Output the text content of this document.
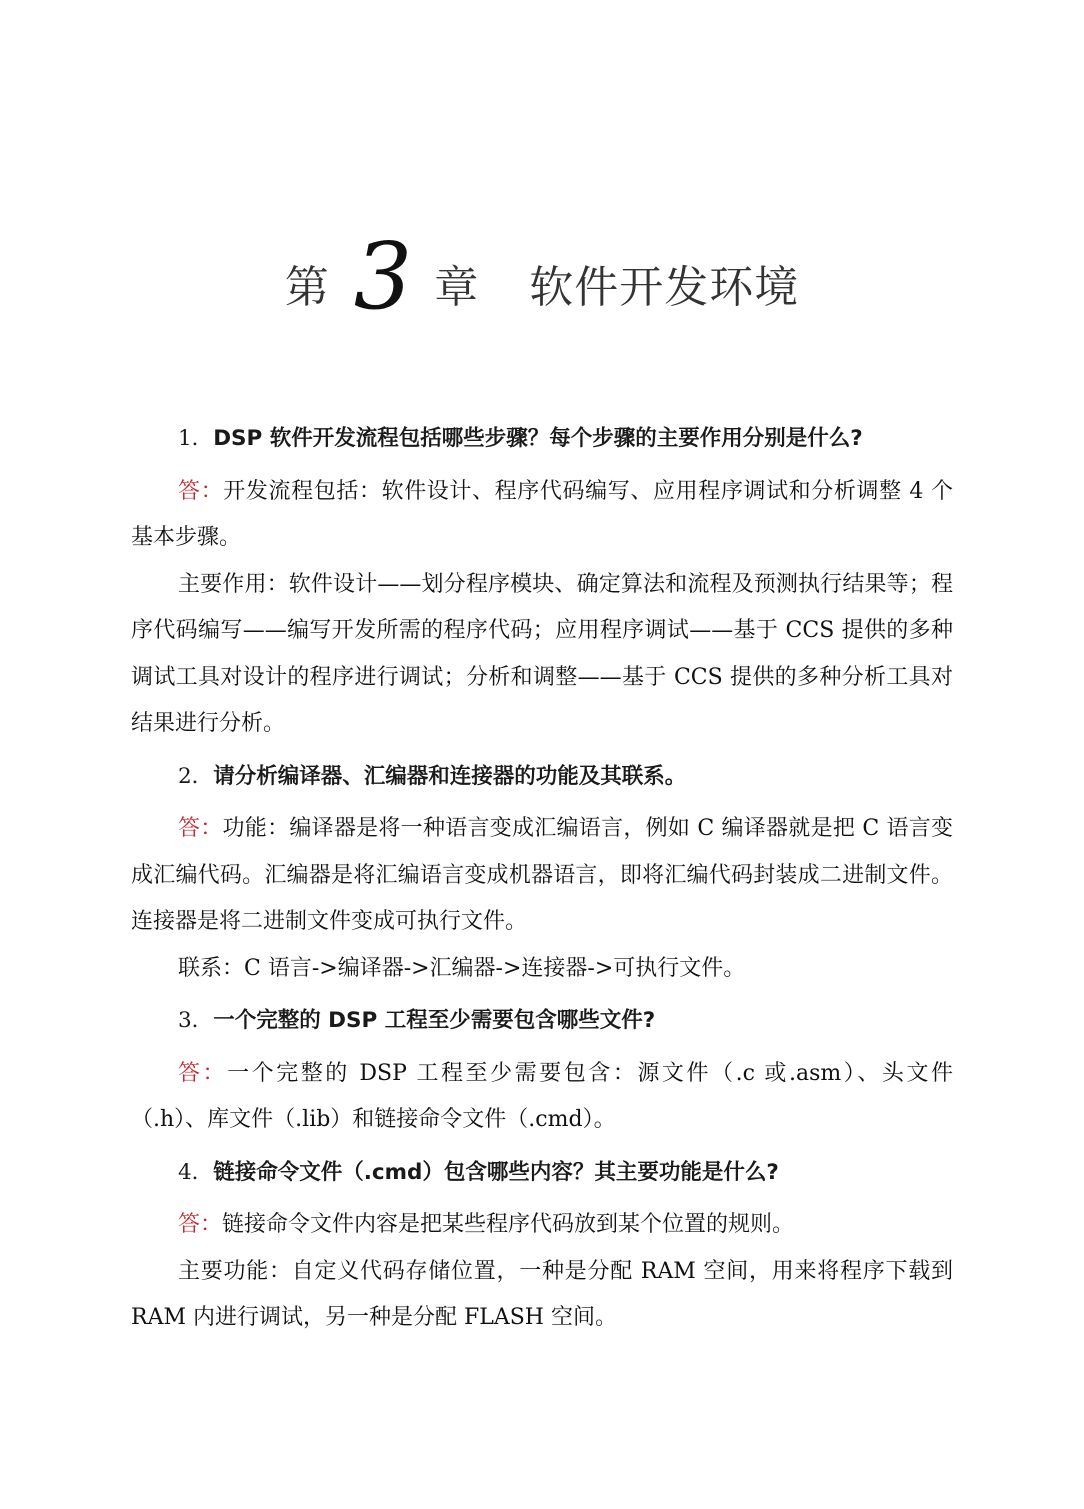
第 3 章 软件开发环境

1．DSP 软件开发流程包括哪些步骤？每个步骤的主要作用分别是什么?

答：开发流程包括：软件设计、程序代码编写、应用程序调试和分析调整 4 个基本步骤。

主要作用：软件设计——划分程序模块、确定算法和流程及预测执行结果等；程序代码编写——编写开发所需的程序代码；应用程序调试——基于 CCS 提供的多种调试工具对设计的程序进行调试；分析和调整——基于 CCS 提供的多种分析工具对结果进行分析。

2．请分析编译器、汇编器和连接器的功能及其联系。

答：功能：编译器是将一种语言变成汇编语言，例如 C 编译器就是把 C 语言变成汇编代码。汇编器是将汇编语言变成机器语言，即将汇编代码封装成二进制文件。连接器是将二进制文件变成可执行文件。

联系：C 语言->编译器->汇编器->连接器->可执行文件。

3．一个完整的 DSP 工程至少需要包含哪些文件?

答：一个完整的 DSP 工程至少需要包含：源文件（.c 或.asm）、头文件（.h）、库文件（.lib）和链接命令文件（.cmd）。

4．链接命令文件（.cmd）包含哪些内容？其主要功能是什么?

答：链接命令文件内容是把某些程序代码放到某个位置的规则。

主要功能：自定义代码存储位置，一种是分配 RAM 空间，用来将程序下载到 RAM 内进行调试，另一种是分配 FLASH 空间。
